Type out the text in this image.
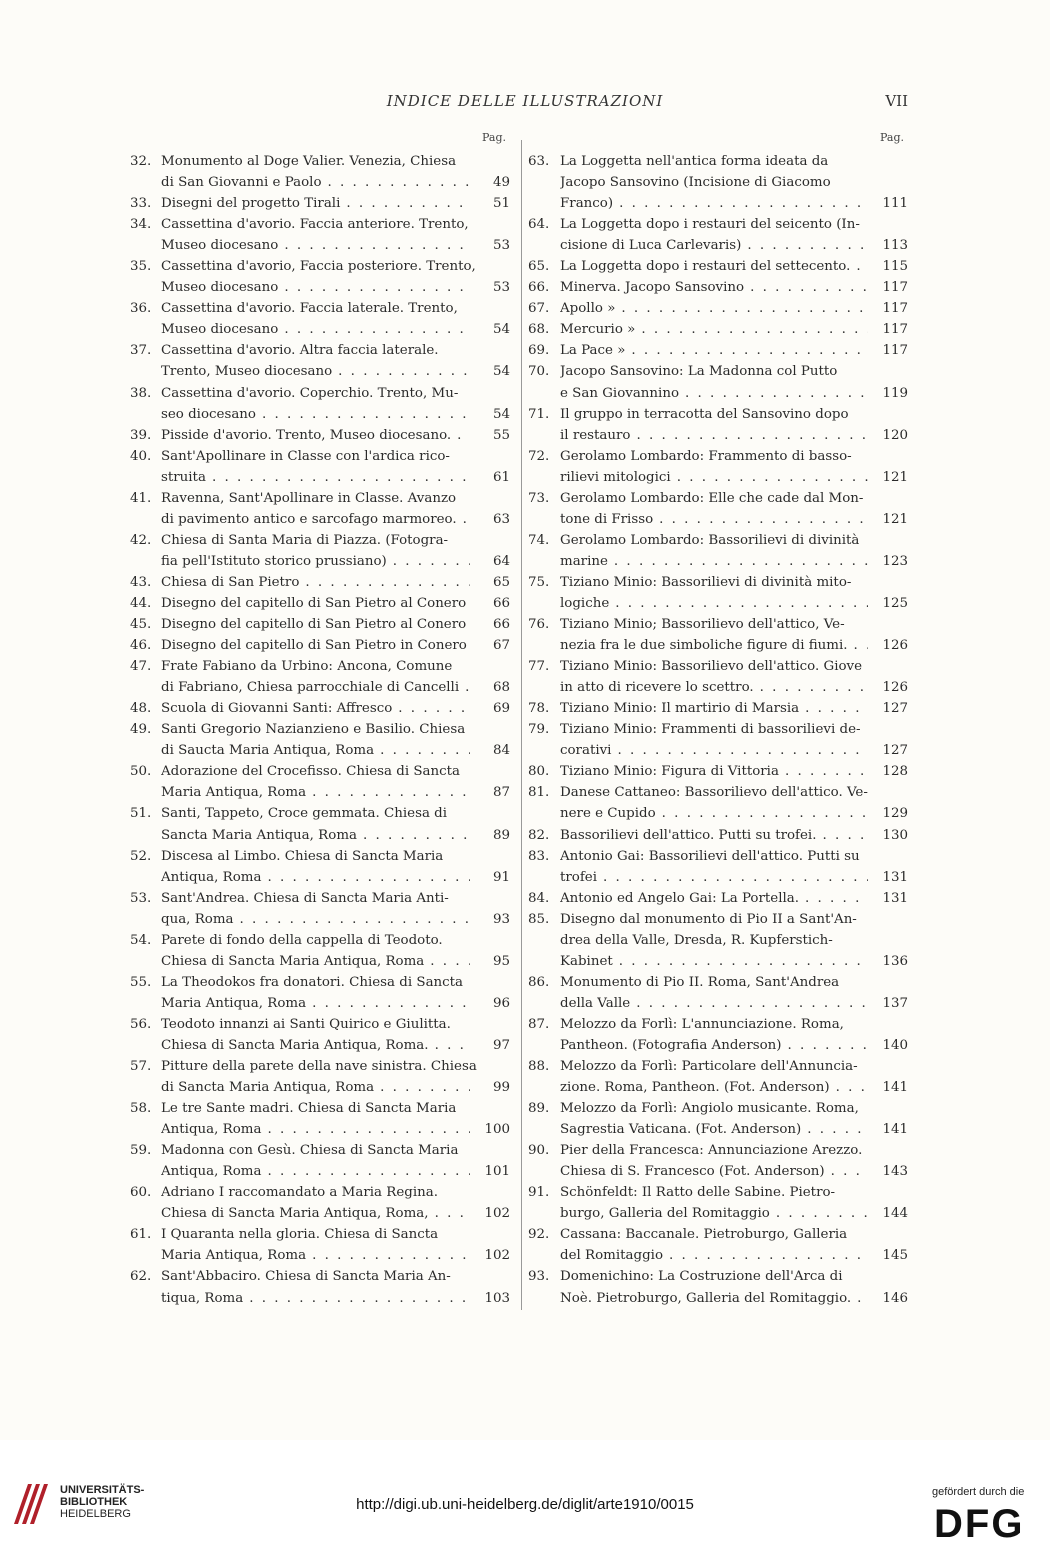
INDICE DELLE ILLUSTRAZIONI	VII
Pag.	Pag.
32. Monumento al Doge Valier. Venezia, Chiesa
di San Giovanni e Paolo . . .	49
33. Disegni del progetto Tirali . . .	51
34. Cassettina d'avorio. Faccia anteriore. Trento,
Museo diocesano . . .	53
35. Cassettina d'avorio, Faccia posteriore. Trento,
Museo diocesano . . .	53
36. Cassettina d'avorio. Faccia laterale. Trento,
Museo diocesano . . .	54
37. Cassettina d'avorio. Altra faccia laterale.
Trento, Museo diocesano . . .	54
38. Cassettina d'avorio. Coperchio. Trento, Mu-
seo diocesano . . .	54
39. Pisside d'avorio. Trento, Museo diocesano. . . .	55
40. Sant'Apollinare in Classe con l'ardica rico-
struita . . .	61
41. Ravenna, Sant'Apollinare in Classe. Avanzo
di pavimento antico e sarcofago marmoreo. . . .	63
42. Chiesa di Santa Maria di Piazza. (Fotogra-
fia pell'Istituto storico prussiano) . . .	64
43. Chiesa di San Pietro . . .	65
44. Disegno del capitello di San Pietro al Conero . . .	66
45. Disegno del capitello di San Pietro al Conero . . .	66
46. Disegno del capitello di San Pietro in Conero . . .	67
47. Frate Fabiano da Urbino: Ancona, Comune
di Fabriano, Chiesa parrocchiale di Cancelli . . .	68
48. Scuola di Giovanni Santi: Affresco . . .	69
49. Santi Gregorio Nazianzieno e Basilio. Chiesa
di Saucta Maria Antiqua, Roma . . .	84
50. Adorazione del Crocefisso. Chiesa di Sancta
Maria Antiqua, Roma . . .	87
51. Santi, Tappeto, Croce gemmata. Chiesa di
Sancta Maria Antiqua, Roma . . .	89
52. Discesa al Limbo. Chiesa di Sancta Maria
Antiqua, Roma . . .	91
53. Sant'Andrea. Chiesa di Sancta Maria Anti-
qua, Roma . . .	93
54. Parete di fondo della cappella di Teodoto.
Chiesa di Sancta Maria Antiqua, Roma . . .	95
55. La Theodokos fra donatori. Chiesa di Sancta
Maria Antiqua, Roma . . .	96
56. Teodoto innanzi ai Santi Quirico e Giulitta.
Chiesa di Sancta Maria Antiqua, Roma. . . .	97
57. Pitture della parete della nave sinistra. Chiesa
di Sancta Maria Antiqua, Roma . . .	99
58. Le tre Sante madri. Chiesa di Sancta Maria
Antiqua, Roma . . .	100
59. Madonna con Gesù. Chiesa di Sancta Maria
Antiqua, Roma . . .	101
60. Adriano I raccomandato a Maria Regina.
Chiesa di Sancta Maria Antiqua, Roma, . . .	102
61. I Quaranta nella gloria. Chiesa di Sancta
Maria Antiqua, Roma . . .	102
62. Sant'Abbaciro. Chiesa di Sancta Maria An-
tiqua, Roma . . .	103
63. La Loggetta nell'antica forma ideata da
Jacopo Sansovino (Incisione di Giacomo
Franco) . . .	111
64. La Loggetta dopo i restauri del seicento (In-
cisione di Luca Carlevaris) . . .	113
65. La Loggetta dopo i restauri del settecento. . . .	115
66. Minerva. Jacopo Sansovino . . .	117
67. Apollo » . . .	117
68. Mercurio » . . .	117
69. La Pace » . . .	117
70. Jacopo Sansovino: La Madonna col Putto
e San Giovannino . . .	119
71. Il gruppo in terracotta del Sansovino dopo
il restauro . . .	120
72. Gerolamo Lombardo: Frammento di basso-
rilievi mitologici . . .	121
73. Gerolamo Lombardo: Elle che cade dal Mon-
tone di Frisso . . .	121
74. Gerolamo Lombardo: Bassorilievi di divinità
marine . . .	123
75. Tiziano Minio: Bassorilievi di divinità mito-
logiche . . .	125
76. Tiziano Minio; Bassorilievo dell'attico, Ve-
nezia fra le due simboliche figure di fiumi. . . .	126
77. Tiziano Minio: Bassorilievo dell'attico. Giove
in atto di ricevere lo scettro. . . .	126
78. Tiziano Minio: Il martirio di Marsia . . .	127
79. Tiziano Minio: Frammenti di bassorilievi de-
corativi . . .	127
80. Tiziano Minio: Figura di Vittoria . . .	128
81. Danese Cattaneo: Bassorilievo dell'attico. Ve-
nere e Cupido . . .	129
82. Bassorilievi dell'attico. Putti su trofei. . . .	130
83. Antonio Gai: Bassorilievi dell'attico. Putti su
trofei . . .	131
84. Antonio ed Angelo Gai: La Portella. . . .	131
85. Disegno dal monumento di Pio II a Sant'An-
drea della Valle, Dresda, R. Kupferstich-
Kabinet . . .	136
86. Monumento di Pio II. Roma, Sant'Andrea
della Valle . . .	137
87. Melozzo da Forlì: L'annunciazione. Roma,
Pantheon. (Fotografia Anderson) . . .	140
88. Melozzo da Forlì: Particolare dell'Annuncia-
zione. Roma, Pantheon. (Fot. Anderson) . . .	141
89. Melozzo da Forlì: Angiolo musicante. Roma,
Sagrestia Vaticana. (Fot. Anderson) . . .	141
90. Pier della Francesca: Annunciazione Arezzo.
Chiesa di S. Francesco (Fot. Anderson) . . .	143
91. Schönfeldt: Il Ratto delle Sabine. Pietro-
burgo, Galleria del Romitaggio . . .	144
92. Cassana: Baccanale. Pietroburgo, Galleria
del Romitaggio . . .	145
93. Domenichino: La Costruzione dell'Arca di
Noè. Pietroburgo, Galleria del Romitaggio. . . .	146
UNIVERSITÄTS-
BIBLIOTHEK
HEIDELBERG
http://digi.ub.uni-heidelberg.de/diglit/arte1910/0015
gefördert durch die
DFG
